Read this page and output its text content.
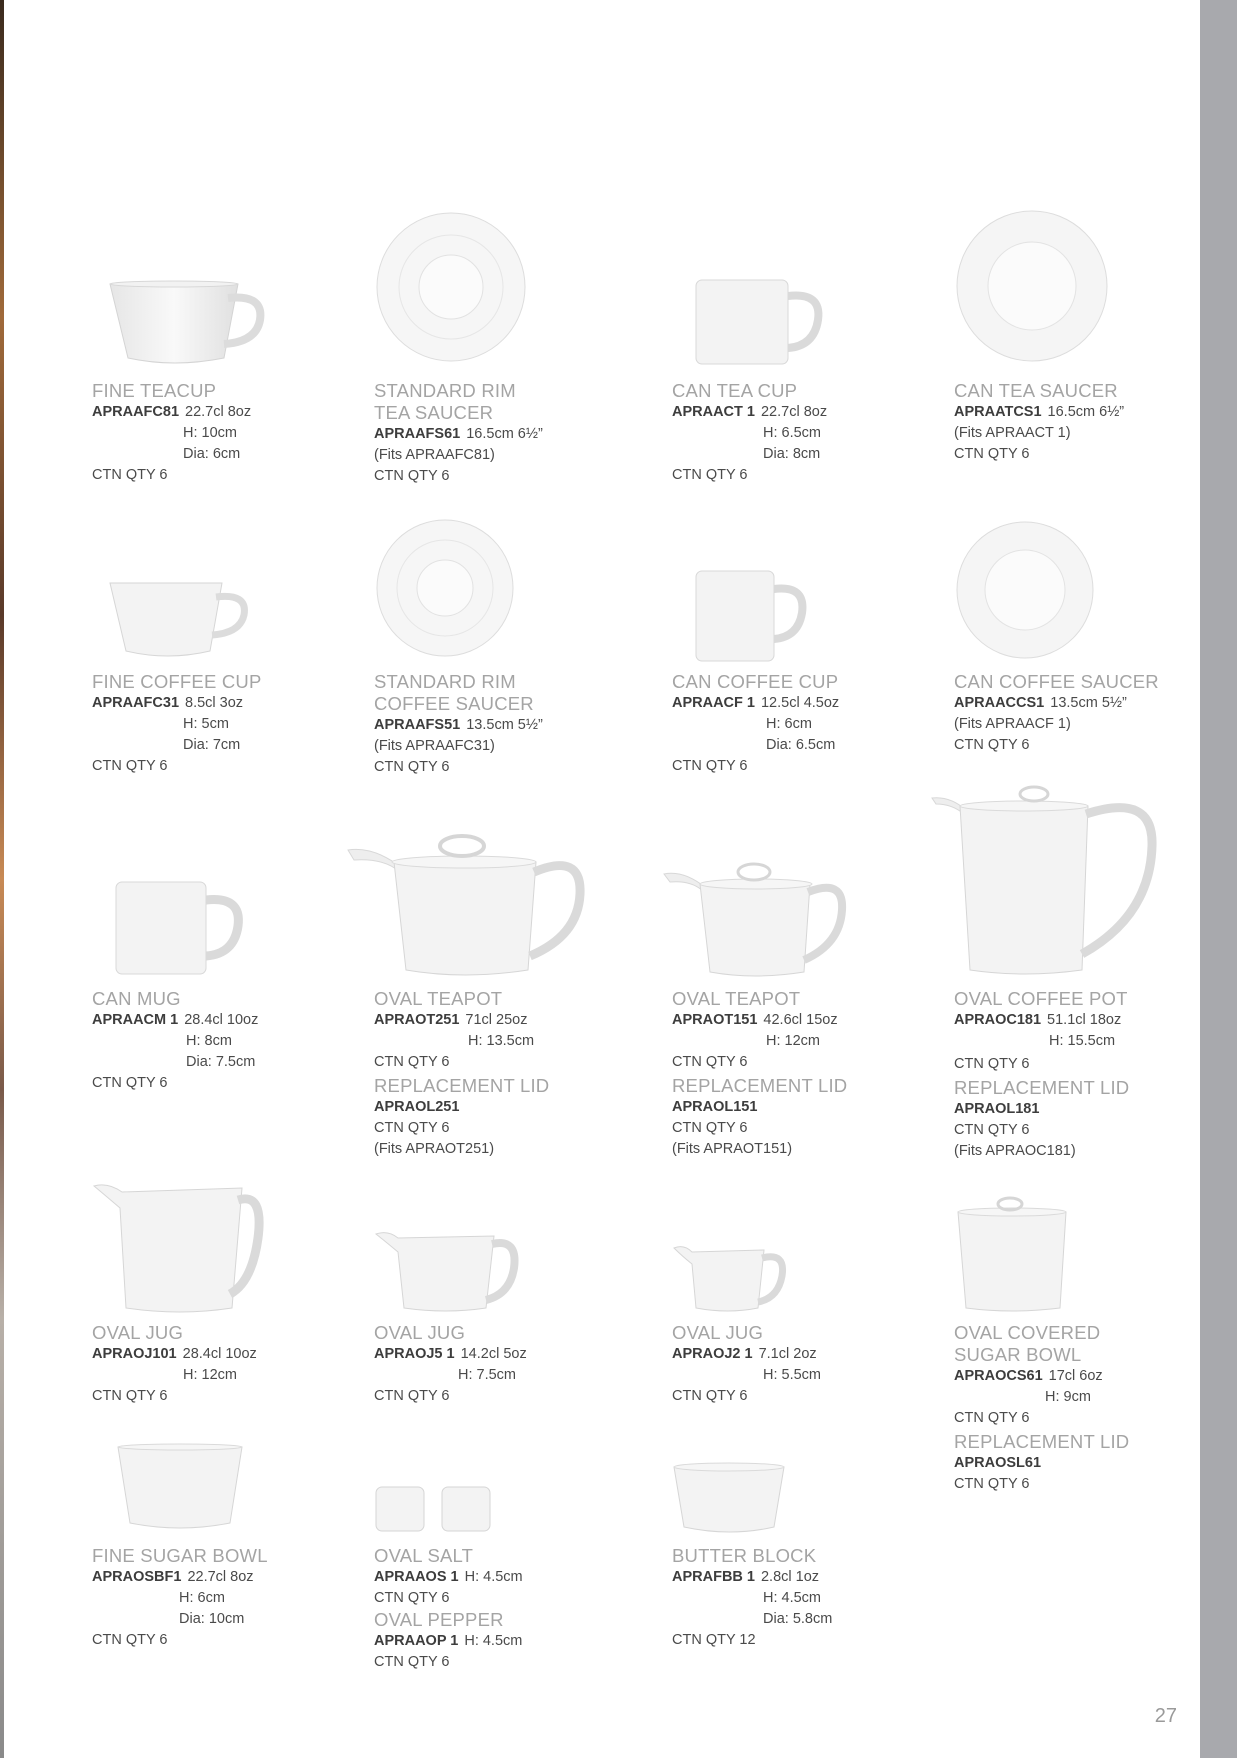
FINE TEACUP
APRAAFC81 22.7cl 8oz
H: 10cm
Dia: 6cm
CTN QTY 6
STANDARD RIM
TEA SAUCER
APRAAFS61 16.5cm 6½”
(Fits APRAAFC81)
CTN QTY 6
CAN TEA CUP
APRAACT 1 22.7cl 8oz
H: 6.5cm
Dia: 8cm
CTN QTY 6
CAN TEA SAUCER
APRAATCS1 16.5cm 6½”
(Fits APRAACT 1)
CTN QTY 6
FINE COFFEE CUP
APRAAFC31 8.5cl 3oz
H: 5cm
Dia: 7cm
CTN QTY 6
STANDARD RIM
COFFEE SAUCER
APRAAFS51 13.5cm 5½”
(Fits APRAAFC31)
CTN QTY 6
CAN COFFEE CUP
APRAACF 1 12.5cl 4.5oz
H: 6cm
Dia: 6.5cm
CTN QTY 6
CAN COFFEE SAUCER
APRAACCS1 13.5cm 5½”
(Fits APRAACF 1)
CTN QTY 6
CAN MUG
APRAACM 1 28.4cl 10oz
H: 8cm
Dia: 7.5cm
CTN QTY 6
OVAL TEAPOT
APRAOT251 71cl 25oz
H: 13.5cm
CTN QTY 6
REPLACEMENT LID
APRAOL251
CTN QTY 6
(Fits APRAOT251)
OVAL TEAPOT
APRAOT151 42.6cl 15oz
H: 12cm
CTN QTY 6
REPLACEMENT LID
APRAOL151
CTN QTY 6
(Fits APRAOT151)
OVAL COFFEE POT
APRAOC181 51.1cl 18oz
H: 15.5cm
CTN QTY 6
REPLACEMENT LID
APRAOL181
CTN QTY 6
(Fits APRAOC181)
OVAL JUG
APRAOJ101 28.4cl 10oz
H: 12cm
CTN QTY 6
OVAL JUG
APRAOJ5 1 14.2cl 5oz
H: 7.5cm
CTN QTY 6
OVAL JUG
APRAOJ2 1 7.1cl 2oz
H: 5.5cm
CTN QTY 6
OVAL COVERED
SUGAR BOWL
APRAOCS61 17cl 6oz
H: 9cm
CTN QTY 6
REPLACEMENT LID
APRAOSL61
CTN QTY 6
FINE SUGAR BOWL
APRAOSBF1 22.7cl 8oz
H: 6cm
Dia: 10cm
CTN QTY 6
OVAL SALT
APRAAOS 1 H: 4.5cm
CTN QTY 6
OVAL PEPPER
APRAAOP 1 H: 4.5cm
CTN QTY 6
BUTTER BLOCK
APRAFBB 1 2.8cl 1oz
H: 4.5cm
Dia: 5.8cm
CTN QTY 12
27
